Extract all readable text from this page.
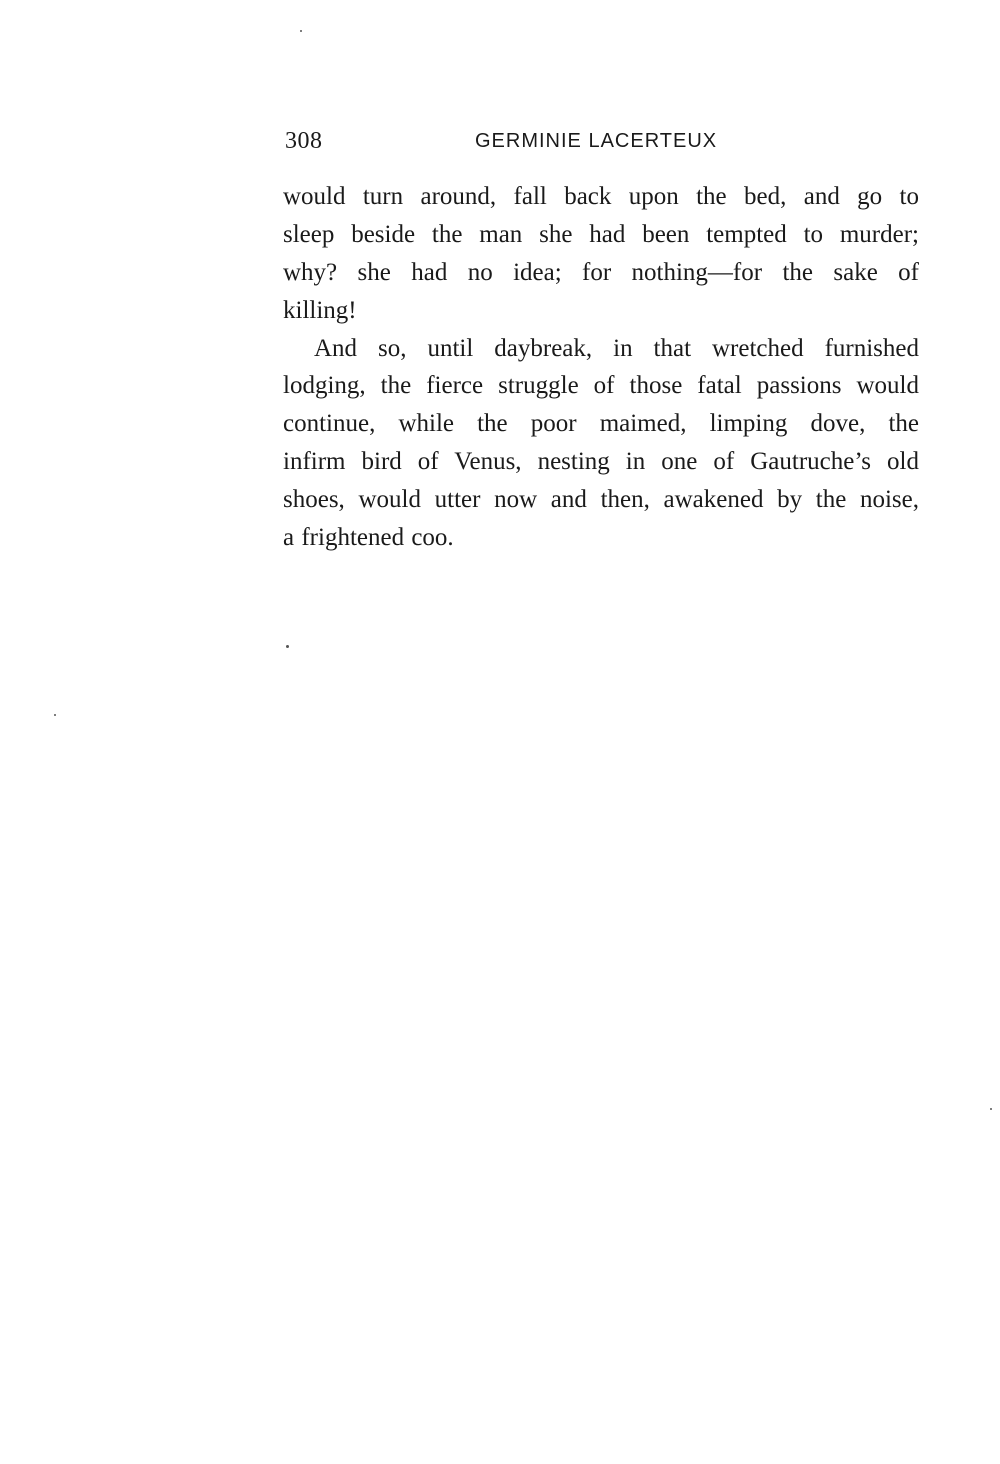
308	GERMINIE LACERTEUX
would turn around, fall back upon the bed, and go to
sleep beside the man she had been tempted to murder;
why? she had no idea; for nothing—for the sake of
killing!
And so, until daybreak, in that wretched furnished
lodging, the fierce struggle of those fatal passions would
continue, while the poor maimed, limping dove, the
infirm bird of Venus, nesting in one of Gautruche’s old
shoes, would utter now and then, awakened by the noise,
a frightened coo.
